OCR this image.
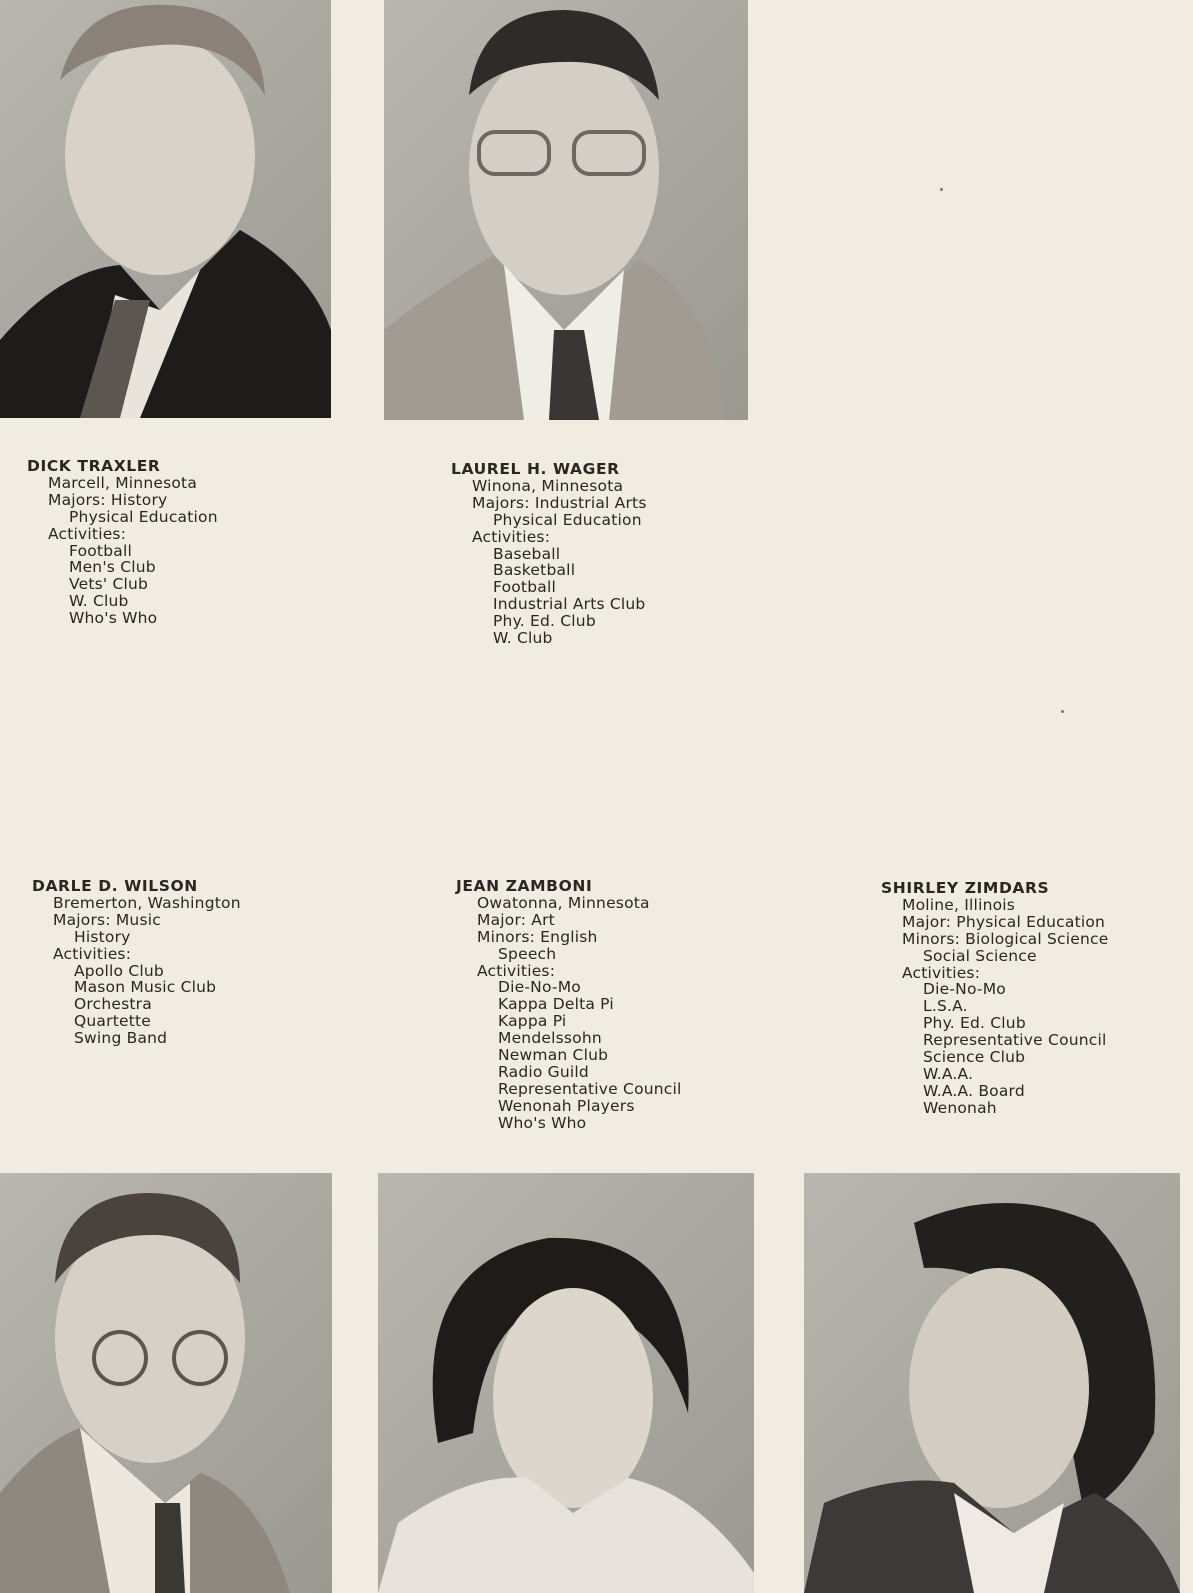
DICK TRAXLER
Marcell, Minnesota
Majors: History
Physical Education
Activities:
Football
Men's Club
Vets' Club
W. Club
Who's Who
LAUREL H. WAGER
Winona, Minnesota
Majors: Industrial Arts
Physical Education
Activities:
Baseball
Basketball
Football
Industrial Arts Club
Phy. Ed. Club
W. Club
DARLE D. WILSON
Bremerton, Washington
Majors: Music
History
Activities:
Apollo Club
Mason Music Club
Orchestra
Quartette
Swing Band
JEAN ZAMBONI
Owatonna, Minnesota
Major: Art
Minors: English
Speech
Activities:
Die-No-Mo
Kappa Delta Pi
Kappa Pi
Mendelssohn
Newman Club
Radio Guild
Representative Council
Wenonah Players
Who's Who
SHIRLEY ZIMDARS
Moline, Illinois
Major: Physical Education
Minors: Biological Science
Social Science
Activities:
Die-No-Mo
L.S.A.
Phy. Ed. Club
Representative Council
Science Club
W.A.A.
W.A.A. Board
Wenonah
